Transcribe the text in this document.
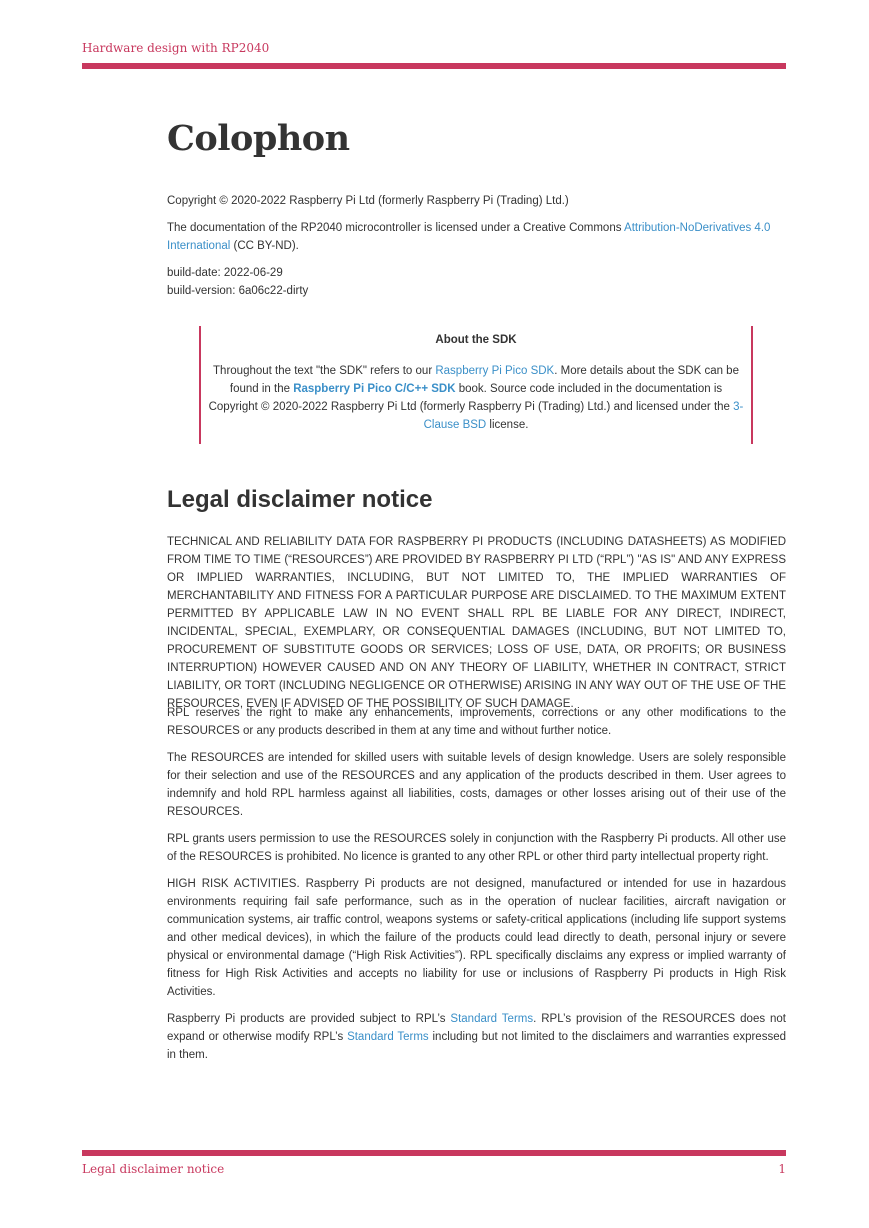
Hardware design with RP2040
Colophon

Copyright © 2020-2022 Raspberry Pi Ltd (formerly Raspberry Pi (Trading) Ltd.)

The documentation of the RP2040 microcontroller is licensed under a Creative Commons Attribution-NoDerivatives 4.0 International (CC BY-ND).

build-date: 2022-06-29

build-version: 6a06c22-dirty

About the SDK
Throughout the text "the SDK" refers to our Raspberry Pi Pico SDK. More details about the SDK can be found in the Raspberry Pi Pico C/C++ SDK book. Source code included in the documentation is Copyright © 2020-2022 Raspberry Pi Ltd (formerly Raspberry Pi (Trading) Ltd.) and licensed under the 3-Clause BSD license.
Legal disclaimer notice

TECHNICAL AND RELIABILITY DATA FOR RASPBERRY PI PRODUCTS (INCLUDING DATASHEETS) AS MODIFIED FROM TIME TO TIME (“RESOURCES”) ARE PROVIDED BY RASPBERRY PI LTD (“RPL”) "AS IS" AND ANY EXPRESS OR IMPLIED WARRANTIES, INCLUDING, BUT NOT LIMITED TO, THE IMPLIED WARRANTIES OF MERCHANTABILITY AND FITNESS FOR A PARTICULAR PURPOSE ARE DISCLAIMED. TO THE MAXIMUM EXTENT PERMITTED BY APPLICABLE LAW IN NO EVENT SHALL RPL BE LIABLE FOR ANY DIRECT, INDIRECT, INCIDENTAL, SPECIAL, EXEMPLARY, OR CONSEQUENTIAL DAMAGES (INCLUDING, BUT NOT LIMITED TO, PROCUREMENT OF SUBSTITUTE GOODS OR SERVICES; LOSS OF USE, DATA, OR PROFITS; OR BUSINESS INTERRUPTION) HOWEVER CAUSED AND ON ANY THEORY OF LIABILITY, WHETHER IN CONTRACT, STRICT LIABILITY, OR TORT (INCLUDING NEGLIGENCE OR OTHERWISE) ARISING IN ANY WAY OUT OF THE USE OF THE RESOURCES, EVEN IF ADVISED OF THE POSSIBILITY OF SUCH DAMAGE.

RPL reserves the right to make any enhancements, improvements, corrections or any other modifications to the RESOURCES or any products described in them at any time and without further notice.

The RESOURCES are intended for skilled users with suitable levels of design knowledge. Users are solely responsible for their selection and use of the RESOURCES and any application of the products described in them. User agrees to indemnify and hold RPL harmless against all liabilities, costs, damages or other losses arising out of their use of the RESOURCES.

RPL grants users permission to use the RESOURCES solely in conjunction with the Raspberry Pi products. All other use of the RESOURCES is prohibited. No licence is granted to any other RPL or other third party intellectual property right.

HIGH RISK ACTIVITIES. Raspberry Pi products are not designed, manufactured or intended for use in hazardous environments requiring fail safe performance, such as in the operation of nuclear facilities, aircraft navigation or communication systems, air traffic control, weapons systems or safety-critical applications (including life support systems and other medical devices), in which the failure of the products could lead directly to death, personal injury or severe physical or environmental damage (“High Risk Activities”). RPL specifically disclaims any express or implied warranty of fitness for High Risk Activities and accepts no liability for use or inclusions of Raspberry Pi products in High Risk Activities.

Raspberry Pi products are provided subject to RPL’s Standard Terms. RPL’s provision of the RESOURCES does not expand or otherwise modify RPL’s Standard Terms including but not limited to the disclaimers and warranties expressed in them.

Legal disclaimer notice	1
